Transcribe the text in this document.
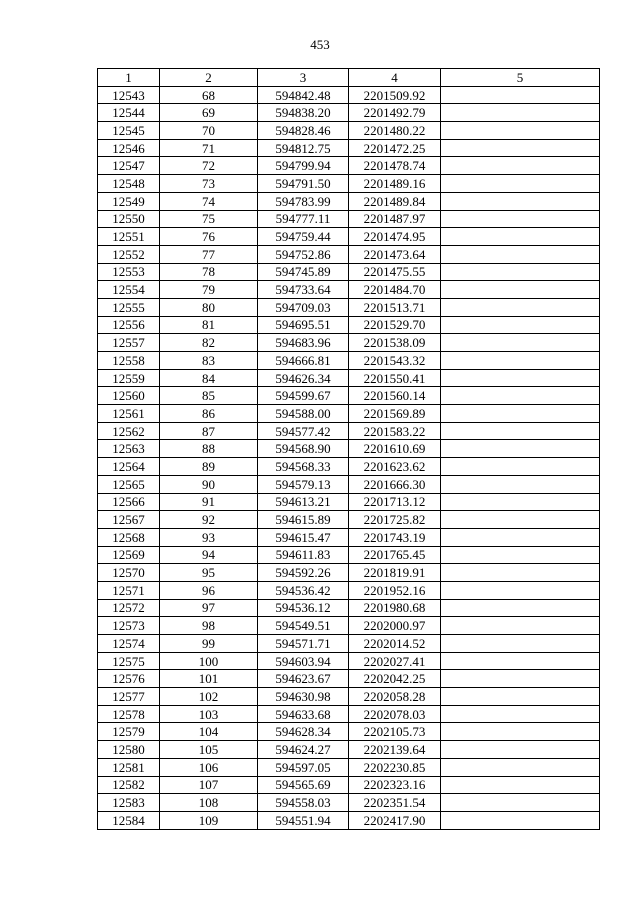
453
1	2	3	4	5
12543	68	594842.48	2201509.92	
12544	69	594838.20	2201492.79	
12545	70	594828.46	2201480.22	
12546	71	594812.75	2201472.25	
12547	72	594799.94	2201478.74	
12548	73	594791.50	2201489.16	
12549	74	594783.99	2201489.84	
12550	75	594777.11	2201487.97	
12551	76	594759.44	2201474.95	
12552	77	594752.86	2201473.64	
12553	78	594745.89	2201475.55	
12554	79	594733.64	2201484.70	
12555	80	594709.03	2201513.71	
12556	81	594695.51	2201529.70	
12557	82	594683.96	2201538.09	
12558	83	594666.81	2201543.32	
12559	84	594626.34	2201550.41	
12560	85	594599.67	2201560.14	
12561	86	594588.00	2201569.89	
12562	87	594577.42	2201583.22	
12563	88	594568.90	2201610.69	
12564	89	594568.33	2201623.62	
12565	90	594579.13	2201666.30	
12566	91	594613.21	2201713.12	
12567	92	594615.89	2201725.82	
12568	93	594615.47	2201743.19	
12569	94	594611.83	2201765.45	
12570	95	594592.26	2201819.91	
12571	96	594536.42	2201952.16	
12572	97	594536.12	2201980.68	
12573	98	594549.51	2202000.97	
12574	99	594571.71	2202014.52	
12575	100	594603.94	2202027.41	
12576	101	594623.67	2202042.25	
12577	102	594630.98	2202058.28	
12578	103	594633.68	2202078.03	
12579	104	594628.34	2202105.73	
12580	105	594624.27	2202139.64	
12581	106	594597.05	2202230.85	
12582	107	594565.69	2202323.16	
12583	108	594558.03	2202351.54	
12584	109	594551.94	2202417.90	
